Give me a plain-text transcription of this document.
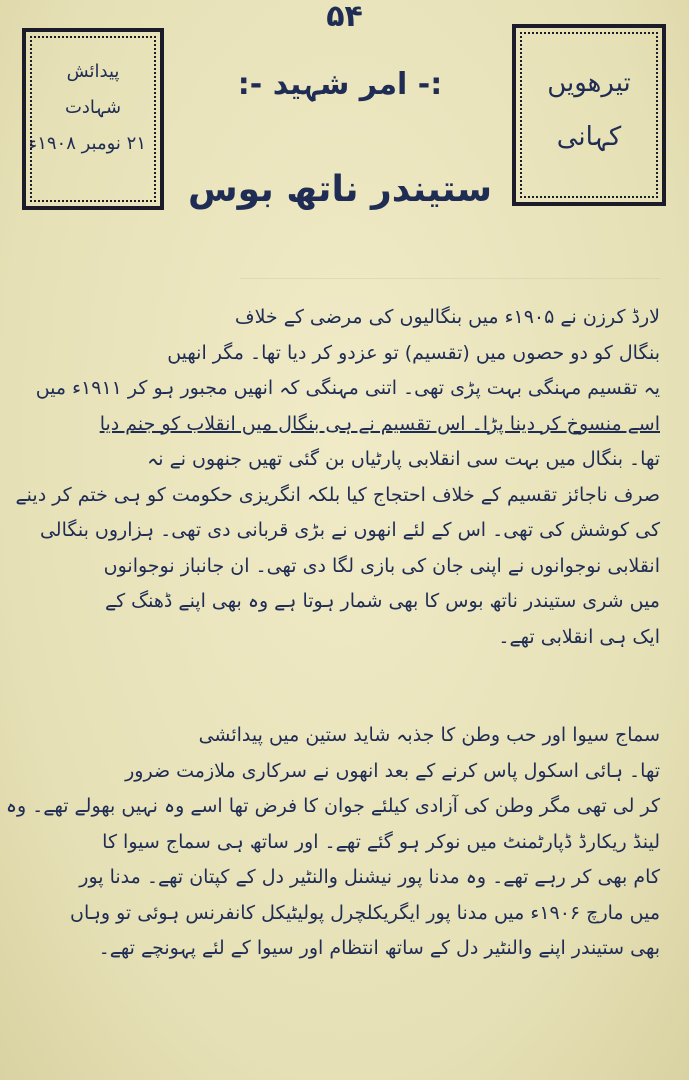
۵۴
پیدائش
شہادت
۲۱ نومبر ۱۹۰۸ء
:- امر شہید -:
ستیندر ناتھ بوس
تیرھویں
کہانی
لارڈ کرزن نے ۱۹۰۵ء میں بنگالیوں کی مرضی کے خلاف
بنگال کو دو حصوں میں (تقسیم) تو عزدو کر دیا تھا۔ مگر انھیں
یہ تقسیم مہنگی بہت پڑی تھی۔ اتنی مہنگی کہ انھیں مجبور ہو کر ۱۹۱۱ء میں
اسے منسوخ کر دینا پڑا۔ اس تقسیم نے ہی بنگال میں انقلاب کو جنم دیا
تھا۔ بنگال میں بہت سی انقلابی پارٹیاں بن گئی تھیں جنھوں نے نہ
صرف ناجائز تقسیم کے خلاف احتجاج کیا بلکہ انگریزی حکومت کو ہی ختم کر دینے
کی کوشش کی تھی۔ اس کے لئے انھوں نے بڑی قربانی دی تھی۔ ہزاروں بنگالی
انقلابی نوجوانوں نے اپنی جان کی بازی لگا دی تھی۔ ان جانباز نوجوانوں
میں شری ستیندر ناتھ بوس کا بھی شمار ہوتا ہے وہ بھی اپنے ڈھنگ کے
ایک ہی انقلابی تھے۔
سماج سیوا اور حب وطن کا جذبہ شاید ستین میں پیدائشی
تھا۔ ہائی اسکول پاس کرنے کے بعد انھوں نے سرکاری ملازمت ضرور
کر لی تھی مگر وطن کی آزادی کیلئے جوان کا فرض تھا اسے وہ نہیں بھولے تھے۔ وہ
لینڈ ریکارڈ ڈپارٹمنٹ میں نوکر ہو گئے تھے۔ اور ساتھ ہی سماج سیوا کا
کام بھی کر رہے تھے۔ وہ مدنا پور نیشنل والنٹیر دل کے کپتان تھے۔ مدنا پور
میں مارچ ۱۹۰۶ء میں مدنا پور ایگریکلچرل پولیٹیکل کانفرنس ہوئی تو وہاں
بھی ستیندر اپنے والنٹیر دل کے ساتھ انتظام اور سیوا کے لئے پہونچے تھے۔
